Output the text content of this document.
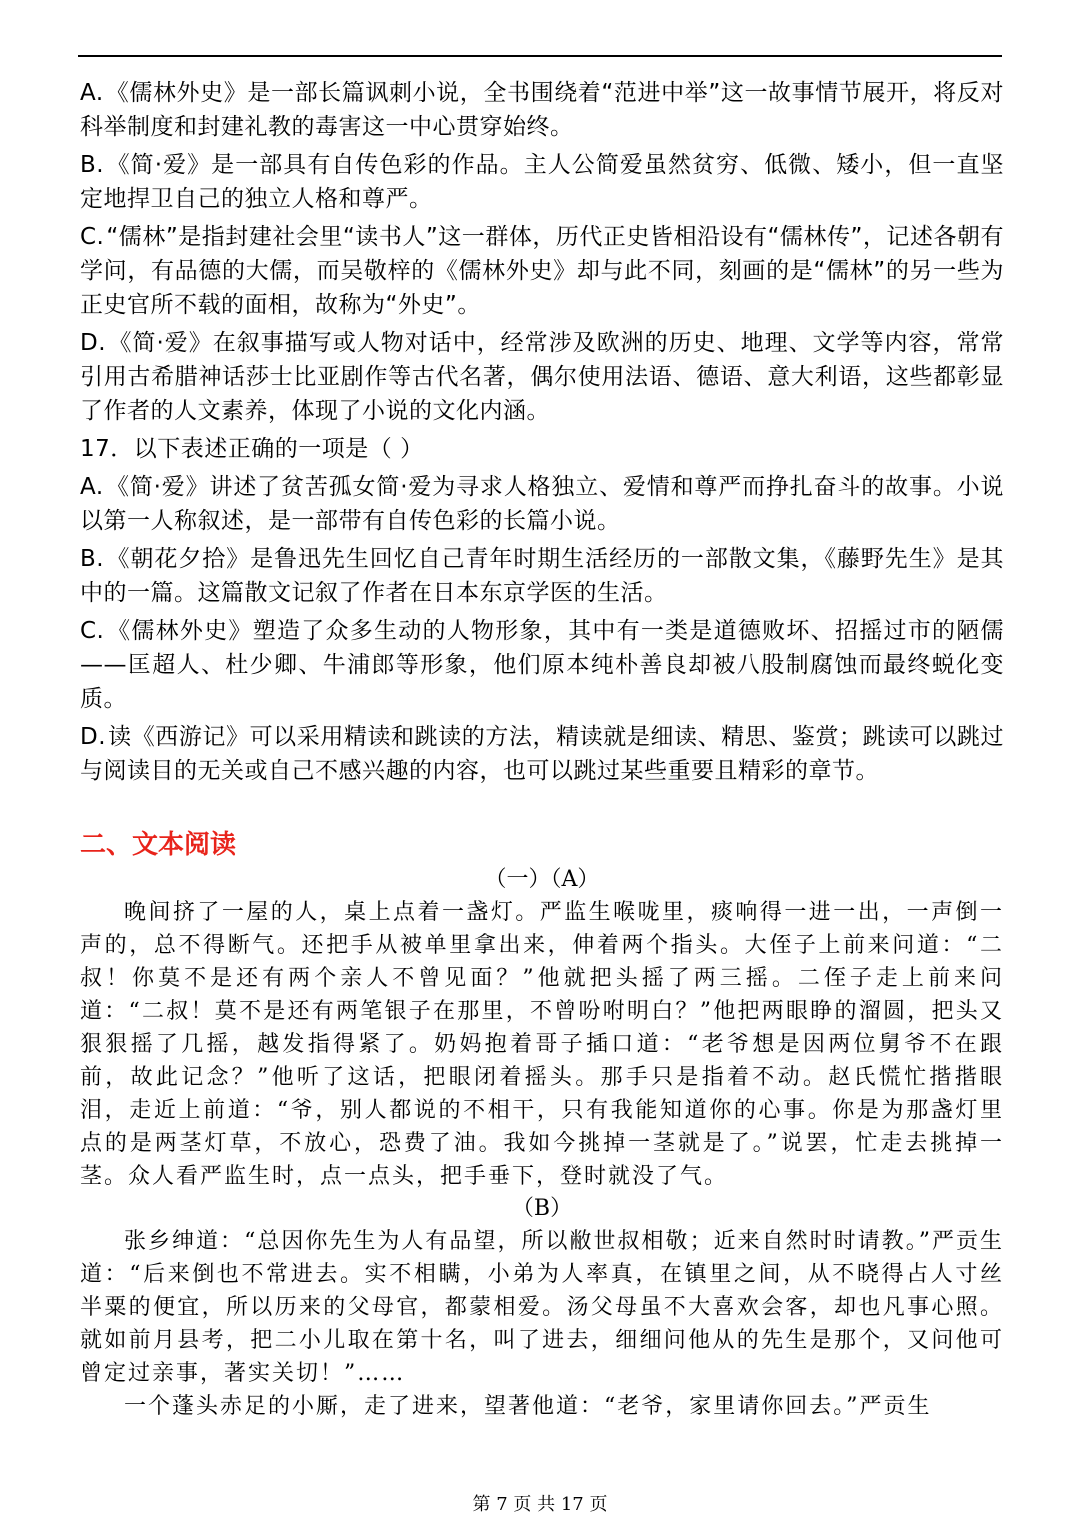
A.《儒林外史》是一部长篇讽刺小说，全书围绕着“范进中举”这一故事情节展开，将反对科举制度和封建礼教的毒害这一中心贯穿始终。

B.《简·爱》是一部具有自传色彩的作品。主人公简爱虽然贫穷、低微、矮小，但一直坚定地捍卫自己的独立人格和尊严。

C.“儒林”是指封建社会里“读书人”这一群体，历代正史皆相沿设有“儒林传”，记述各朝有学问，有品德的大儒，而吴敬梓的《儒林外史》却与此不同，刻画的是“儒林”的另一些为正史官所不载的面相，故称为“外史”。

D.《简·爱》在叙事描写或人物对话中，经常涉及欧洲的历史、地理、文学等内容，常常引用古希腊神话莎士比亚剧作等古代名著，偶尔使用法语、德语、意大利语，这些都彰显了作者的人文素养，体现了小说的文化内涵。

17．以下表述正确的一项是（ ）

A.《简·爱》讲述了贫苦孤女简·爱为寻求人格独立、爱情和尊严而挣扎奋斗的故事。小说以第一人称叙述，是一部带有自传色彩的长篇小说。

B.《朝花夕拾》是鲁迅先生回忆自己青年时期生活经历的一部散文集，《藤野先生》是其中的一篇。这篇散文记叙了作者在日本东京学医的生活。

C.《儒林外史》塑造了众多生动的人物形象，其中有一类是道德败坏、招摇过市的陋儒——匡超人、杜少卿、牛浦郎等形象，他们原本纯朴善良却被八股制腐蚀而最终蜕化变质。

D.读《西游记》可以采用精读和跳读的方法，精读就是细读、精思、鉴赏；跳读可以跳过与阅读目的无关或自己不感兴趣的内容，也可以跳过某些重要且精彩的章节。

二、文本阅读

（一）（A）

晚间挤了一屋的人，桌上点着一盏灯。严监生喉咙里，痰响得一进一出，一声倒一声的，总不得断气。还把手从被单里拿出来，伸着两个指头。大侄子上前来问道：“二叔！你莫不是还有两个亲人不曾见面？”他就把头摇了两三摇。二侄子走上前来问道：“二叔！莫不是还有两笔银子在那里，不曾吩咐明白？”他把两眼睁的溜圆，把头又狠狠摇了几摇，越发指得紧了。奶妈抱着哥子插口道：“老爷想是因两位舅爷不在跟前，故此记念？”他听了这话，把眼闭着摇头。那手只是指着不动。赵氏慌忙揩揩眼泪，走近上前道：“爷，别人都说的不相干，只有我能知道你的心事。你是为那盏灯里点的是两茎灯草，不放心，恐费了油。我如今挑掉一茎就是了。”说罢，忙走去挑掉一茎。众人看严监生时，点一点头，把手垂下，登时就没了气。

（B）

张乡绅道：“总因你先生为人有品望，所以敝世叔相敬；近来自然时时请教。”严贡生道：“后来倒也不常进去。实不相瞒，小弟为人率真，在镇里之间，从不晓得占人寸丝半粟的便宜，所以历来的父母官，都蒙相爱。汤父母虽不大喜欢会客，却也凡事心照。就如前月县考，把二小儿取在第十名，叫了进去，细细问他从的先生是那个，又问他可曾定过亲事，著实关切！”……

一个蓬头赤足的小厮，走了进来，望著他道：“老爷，家里请你回去。”严贡生

第 7 页 共 17 页
